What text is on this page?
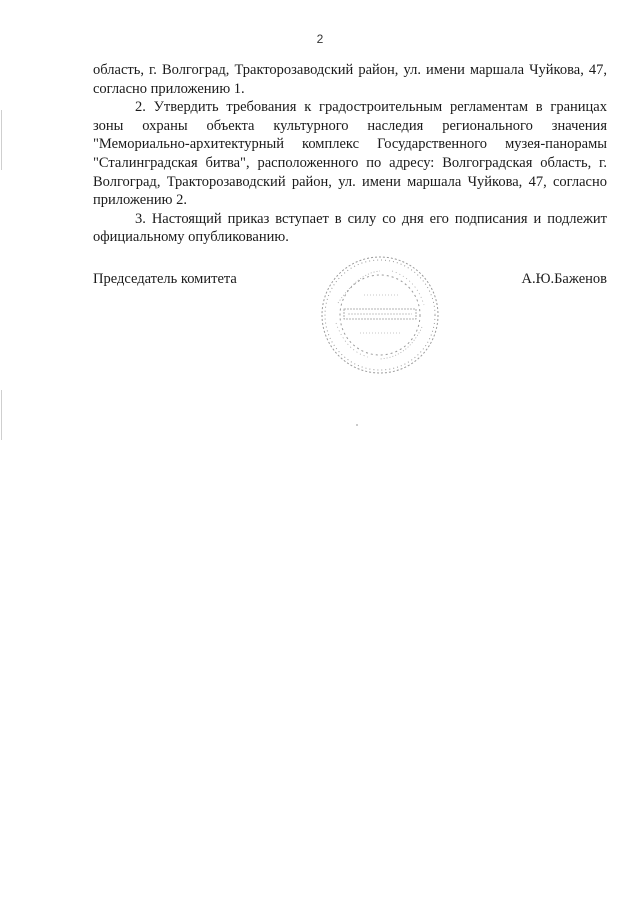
2

область, г. Волгоград, Тракторозаводский район, ул. имени маршала Чуйкова, 47, согласно приложению 1.

2. Утвердить требования к градостроительным регламентам в границах зоны охраны объекта культурного наследия регионального значения "Мемориально-архитектурный комплекс Государственного музея-панорамы "Сталинградская битва", расположенного по адресу: Волгоградская область, г. Волгоград, Тракторозаводский район, ул. имени маршала Чуйкова, 47, согласно приложению 2.

3. Настоящий приказ вступает в силу со дня его подписания и подлежит официальному опубликованию.

Председатель комитета	А.Ю.Баженов
